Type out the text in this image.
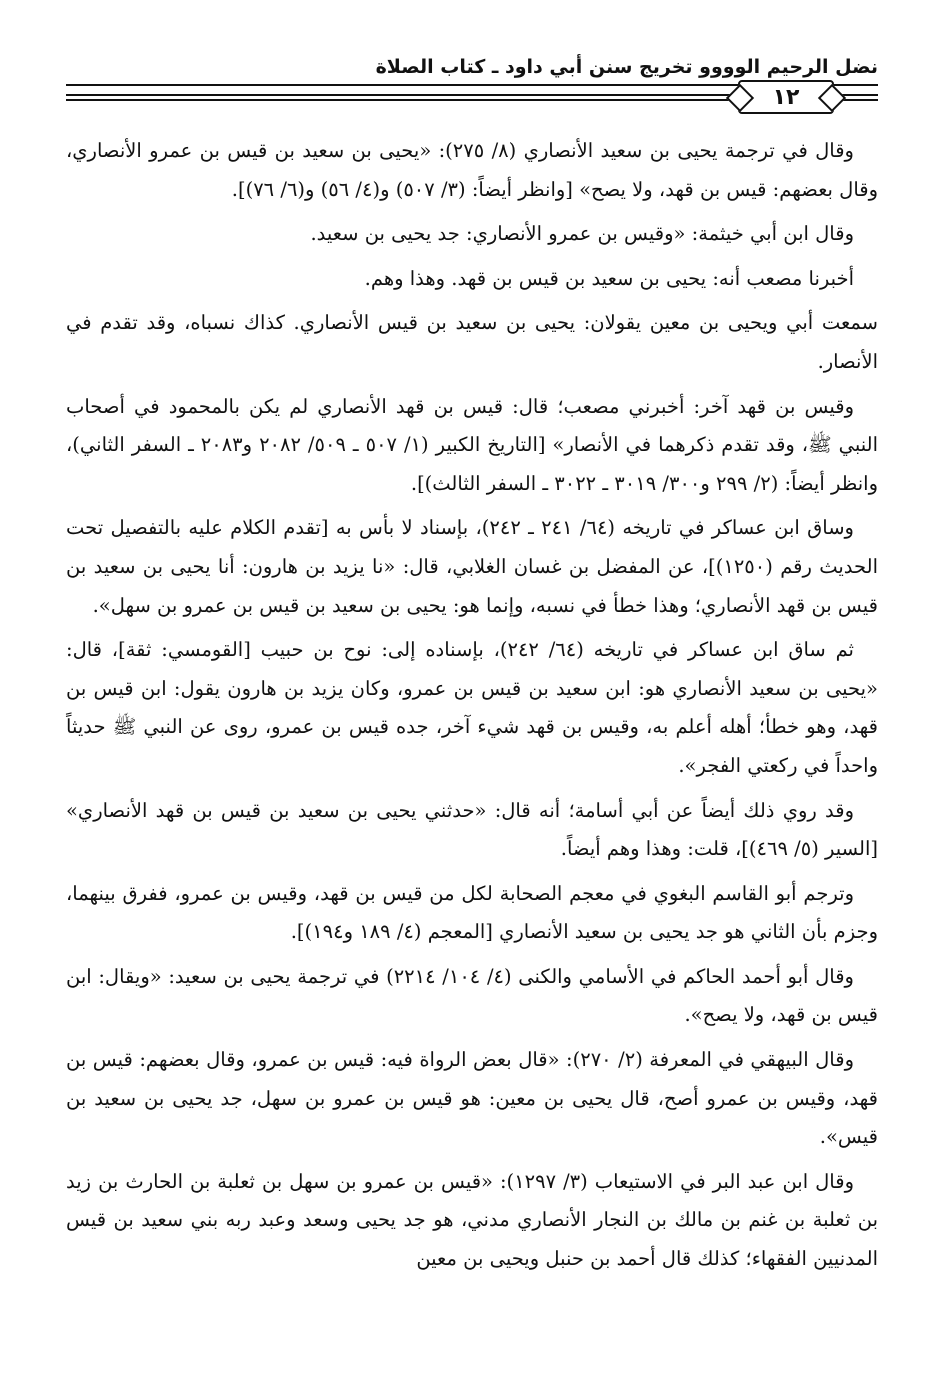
نضل الرحيم الوووو تخريج سنن أبي داود ـ كتاب الصلاة
١٢

وقال في ترجمة يحيى بن سعيد الأنصاري (٨/ ٢٧٥): «يحيى بن سعيد بن قيس بن عمرو الأنصاري، وقال بعضهم: قيس بن قهد، ولا يصح» [وانظر أيضاً: (٣/ ٥٠٧) و(٤/ ٥٦) و(٦/ ٧٦)].

وقال ابن أبي خيثمة: «وقيس بن عمرو الأنصاري: جد يحيى بن سعيد.

أخبرنا مصعب أنه: يحيى بن سعيد بن قيس بن قهد. وهذا وهم.

سمعت أبي ويحيى بن معين يقولان: يحيى بن سعيد بن قيس الأنصاري. كذاك نسباه، وقد تقدم في الأنصار.

وقيس بن قهد آخر: أخبرني مصعب؛ قال: قيس بن قهد الأنصاري لم يكن بالمحمود في أصحاب النبي ﷺ، وقد تقدم ذكرهما في الأنصار» [التاريخ الكبير (١/ ٥٠٧ ـ ٥٠٩/ ٢٠٨٢ و٢٠٨٣ ـ السفر الثاني)، وانظر أيضاً: (٢/ ٢٩٩ و٣٠٠/ ٣٠١٩ ـ ٣٠٢٢ ـ السفر الثالث)].

وساق ابن عساكر في تاريخه (٦٤/ ٢٤١ ـ ٢٤٢)، بإسناد لا بأس به [تقدم الكلام عليه بالتفصيل تحت الحديث رقم (١٢٥٠)]، عن المفضل بن غسان الغلابي، قال: «نا يزيد بن هارون: أنا يحيى بن سعيد بن قيس بن قهد الأنصاري؛ وهذا خطأ في نسبه، وإنما هو: يحيى بن سعيد بن قيس بن عمرو بن سهل».

ثم ساق ابن عساكر في تاريخه (٦٤/ ٢٤٢)، بإسناده إلى: نوح بن حبيب [القومسي: ثقة]، قال: «يحيى بن سعيد الأنصاري هو: ابن سعيد بن قيس بن عمرو، وكان يزيد بن هارون يقول: ابن قيس بن قهد، وهو خطأ؛ أهله أعلم به، وقيس بن قهد شيء آخر، جده قيس بن عمرو، روى عن النبي ﷺ حديثاً واحداً في ركعتي الفجر».

وقد روي ذلك أيضاً عن أبي أسامة؛ أنه قال: «حدثني يحيى بن سعيد بن قيس بن قهد الأنصاري» [السير (٥/ ٤٦٩)]، قلت: وهذا وهم أيضاً.

وترجم أبو القاسم البغوي في معجم الصحابة لكل من قيس بن قهد، وقيس بن عمرو، ففرق بينهما، وجزم بأن الثاني هو جد يحيى بن سعيد الأنصاري [المعجم (٤/ ١٨٩ و١٩٤)].

وقال أبو أحمد الحاكم في الأسامي والكنى (٤/ ١٠٤/ ٢٢١٤) في ترجمة يحيى بن سعيد: «ويقال: ابن قيس بن قهد، ولا يصح».

وقال البيهقي في المعرفة (٢/ ٢٧٠): «قال بعض الرواة فيه: قيس بن عمرو، وقال بعضهم: قيس بن قهد، وقيس بن عمرو أصح، قال يحيى بن معين: هو قيس بن عمرو بن سهل، جد يحيى بن سعيد بن قيس».

وقال ابن عبد البر في الاستيعاب (٣/ ١٢٩٧): «قيس بن عمرو بن سهل بن ثعلبة بن الحارث بن زيد بن ثعلبة بن غنم بن مالك بن النجار الأنصاري مدني، هو جد يحيى وسعد وعبد ربه بني سعيد بن قيس المدنيين الفقهاء؛ كذلك قال أحمد بن حنبل ويحيى بن معين
